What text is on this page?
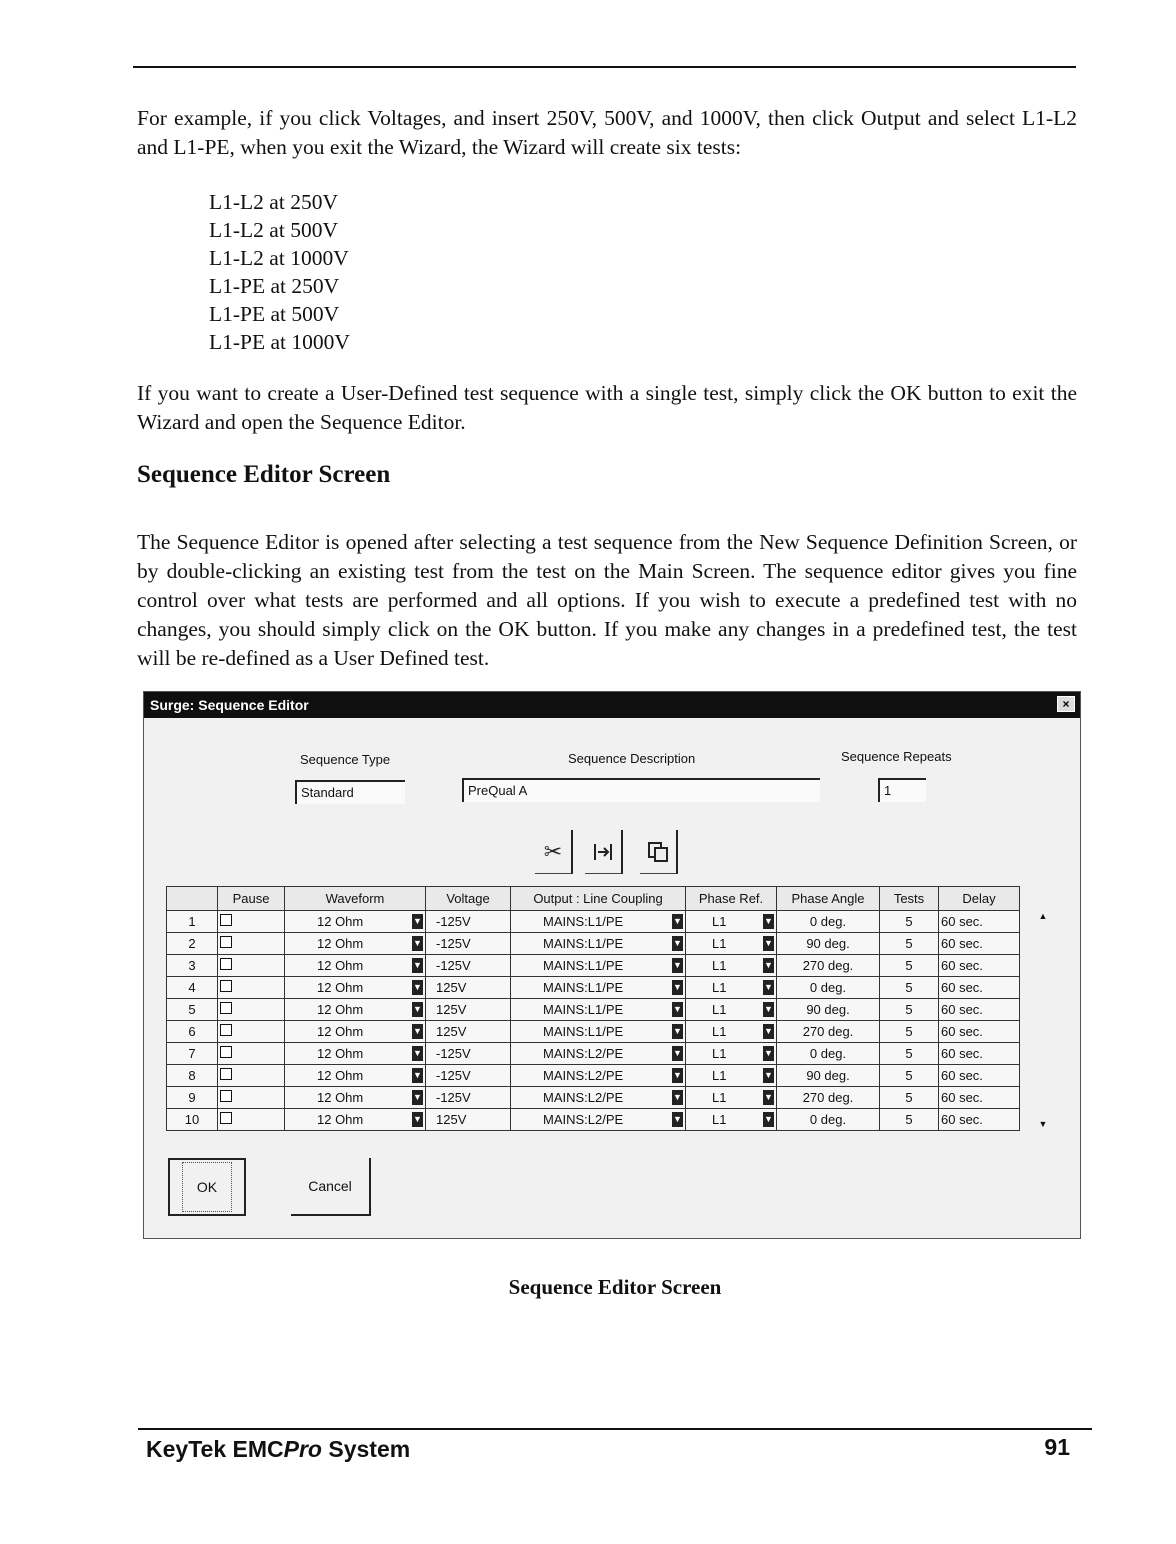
For example, if you click Voltages, and insert 250V, 500V, and 1000V, then click Output and select L1-L2 and L1-PE, when you exit the Wizard, the Wizard will create six tests:

L1-L2 at 250V
L1-L2 at 500V
L1-L2 at 1000V
L1-PE at 250V
L1-PE at 500V
L1-PE at 1000V

If you want to create a User-Defined test sequence with a single test, simply click the OK button to exit the Wizard and open the Sequence Editor.

Sequence Editor Screen

The Sequence Editor is opened after selecting a test sequence from the New Sequence Definition Screen, or by double-clicking an existing test from the test on the Main Screen. The sequence editor gives you fine control over what tests are performed and all options. If you wish to execute a predefined test with no changes, you should simply click on the OK button. If you make any changes in a predefined test, the test will be re-defined as a User Defined test.

Surge: Sequence Editor	×
Sequence Type
Standard
Sequence Description
PreQual A
Sequence Repeats
1
✂
	Pause	Waveform	Voltage	Output : Line Coupling	Phase Ref.	Phase Angle	Tests	Delay
1		12 Ohm ▼	-125V	MAINS:L1/PE ▼	L1 ▼	0 deg.	5	60 sec.
2		12 Ohm ▼	-125V	MAINS:L1/PE ▼	L1 ▼	90 deg.	5	60 sec.
3		12 Ohm ▼	-125V	MAINS:L1/PE ▼	L1 ▼	270 deg.	5	60 sec.
4		12 Ohm ▼	125V	MAINS:L1/PE ▼	L1 ▼	0 deg.	5	60 sec.
5		12 Ohm ▼	125V	MAINS:L1/PE ▼	L1 ▼	90 deg.	5	60 sec.
6		12 Ohm ▼	125V	MAINS:L1/PE ▼	L1 ▼	270 deg.	5	60 sec.
7		12 Ohm ▼	-125V	MAINS:L2/PE ▼	L1 ▼	0 deg.	5	60 sec.
8		12 Ohm ▼	-125V	MAINS:L2/PE ▼	L1 ▼	90 deg.	5	60 sec.
9		12 Ohm ▼	-125V	MAINS:L2/PE ▼	L1 ▼	270 deg.	5	60 sec.
10		12 Ohm ▼	125V	MAINS:L2/PE ▼	L1 ▼	0 deg.	5	60 sec.
▲
▼
OK	Cancel
Sequence Editor Screen
KeyTek EMCPro System	91
